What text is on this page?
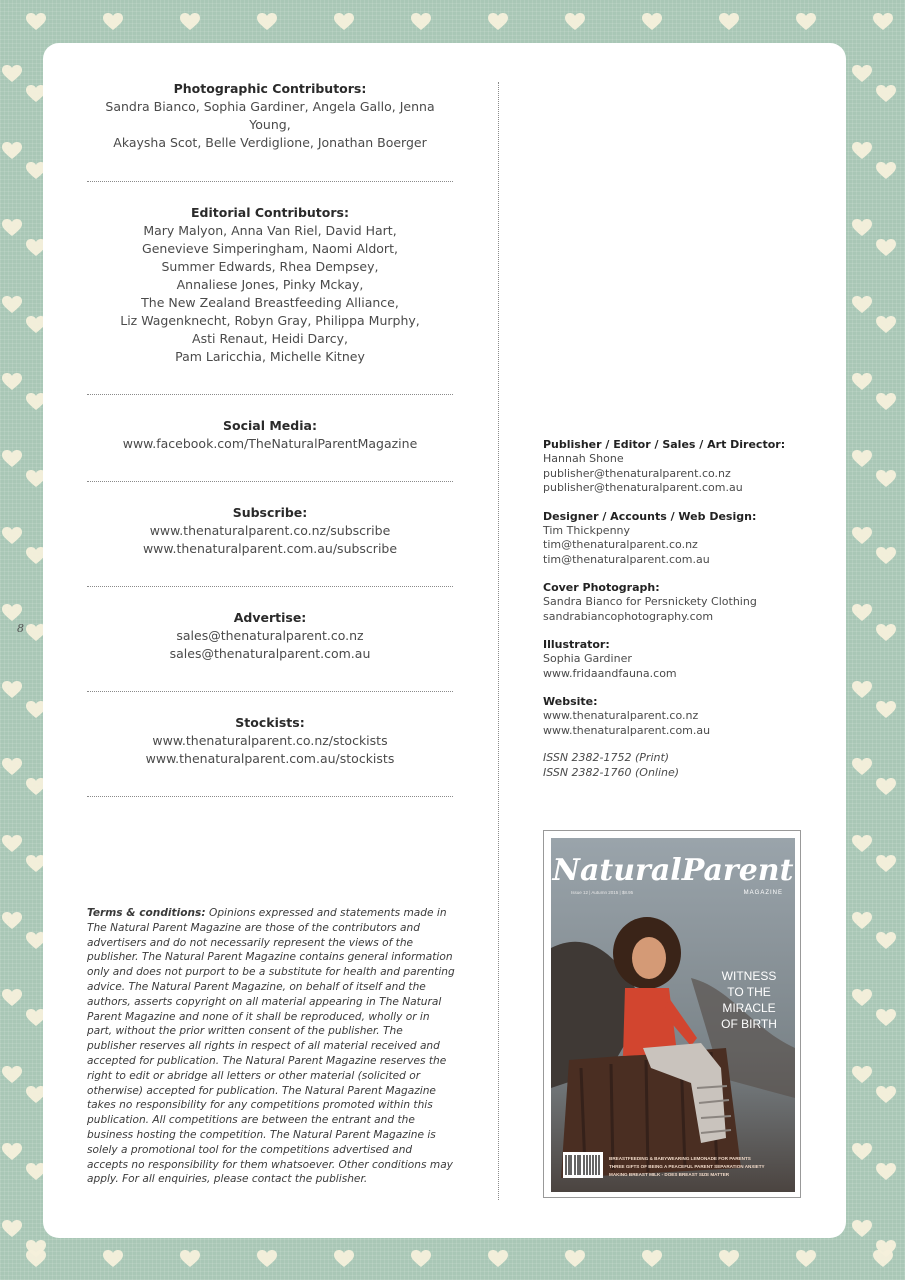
8
Photographic Contributors:
Sandra Bianco, Sophia Gardiner, Angela Gallo, Jenna Young,
Akaysha Scot, Belle Verdiglione, Jonathan Boerger
Editorial Contributors:
Mary Malyon, Anna Van Riel, David Hart,
Genevieve Simperingham, Naomi Aldort,
Summer Edwards, Rhea Dempsey,
Annaliese Jones, Pinky Mckay,
The New Zealand Breastfeeding Alliance,
Liz Wagenknecht, Robyn Gray, Philippa Murphy,
Asti Renaut, Heidi Darcy,
Pam Laricchia, Michelle Kitney
Social Media:
www.facebook.com/TheNaturalParentMagazine
Subscribe:
www.thenaturalparent.co.nz/subscribe
www.thenaturalparent.com.au/subscribe
Advertise:
sales@thenaturalparent.co.nz
sales@thenaturalparent.com.au
Stockists:
www.thenaturalparent.co.nz/stockists
www.thenaturalparent.com.au/stockists
Publisher / Editor / Sales / Art Director:
Hannah Shone
publisher@thenaturalparent.co.nz
publisher@thenaturalparent.com.au
Designer / Accounts / Web Design:
Tim Thickpenny
tim@thenaturalparent.co.nz
tim@thenaturalparent.com.au
Cover Photograph:
Sandra Bianco for Persnickety Clothing
sandrabiancophotography.com
Illustrator:
Sophia Gardiner
www.fridaandfauna.com
Website:
www.thenaturalparent.co.nz
www.thenaturalparent.com.au
ISSN 2382-1752 (Print)
ISSN 2382-1760 (Online)
Terms & conditions: Opinions expressed and statements made in The Natural Parent Magazine are those of the contributors and advertisers and do not necessarily represent the views of the publisher. The Natural Parent Magazine contains general information only and does not purport to be a substitute for health and parenting advice. The Natural Parent Magazine, on behalf of itself and the authors, asserts copyright on all material appearing in The Natural Parent Magazine and none of it shall be reproduced, wholly or in part, without the prior written consent of the publisher. The publisher reserves all rights in respect of all material received and accepted for publication. The Natural Parent Magazine reserves the right to edit or abridge all letters or other material (solicited or otherwise) accepted for publication. The Natural Parent Magazine takes no responsibility for any competitions promoted within this publication. All competitions are between the entrant and the business hosting the competition. The Natural Parent Magazine is solely a promotional tool for the competitions advertised and accepts no responsibility for them whatsoever. Other conditions may apply. For all enquiries, please contact the publisher.
NaturalParent
MAGAZINE
Issue 12 | Autumn 2015 | $8.95
WITNESS
TO THE
MIRACLE
OF BIRTH
BREASTFEEDING & BABYWEARING LEMONADE FOR PARENTS
THREE GIFTS OF BEING A PEACEFUL PARENT SEPARATION ANXIETY
MAKING BREAST MILK - DOES BREAST SIZE MATTER
